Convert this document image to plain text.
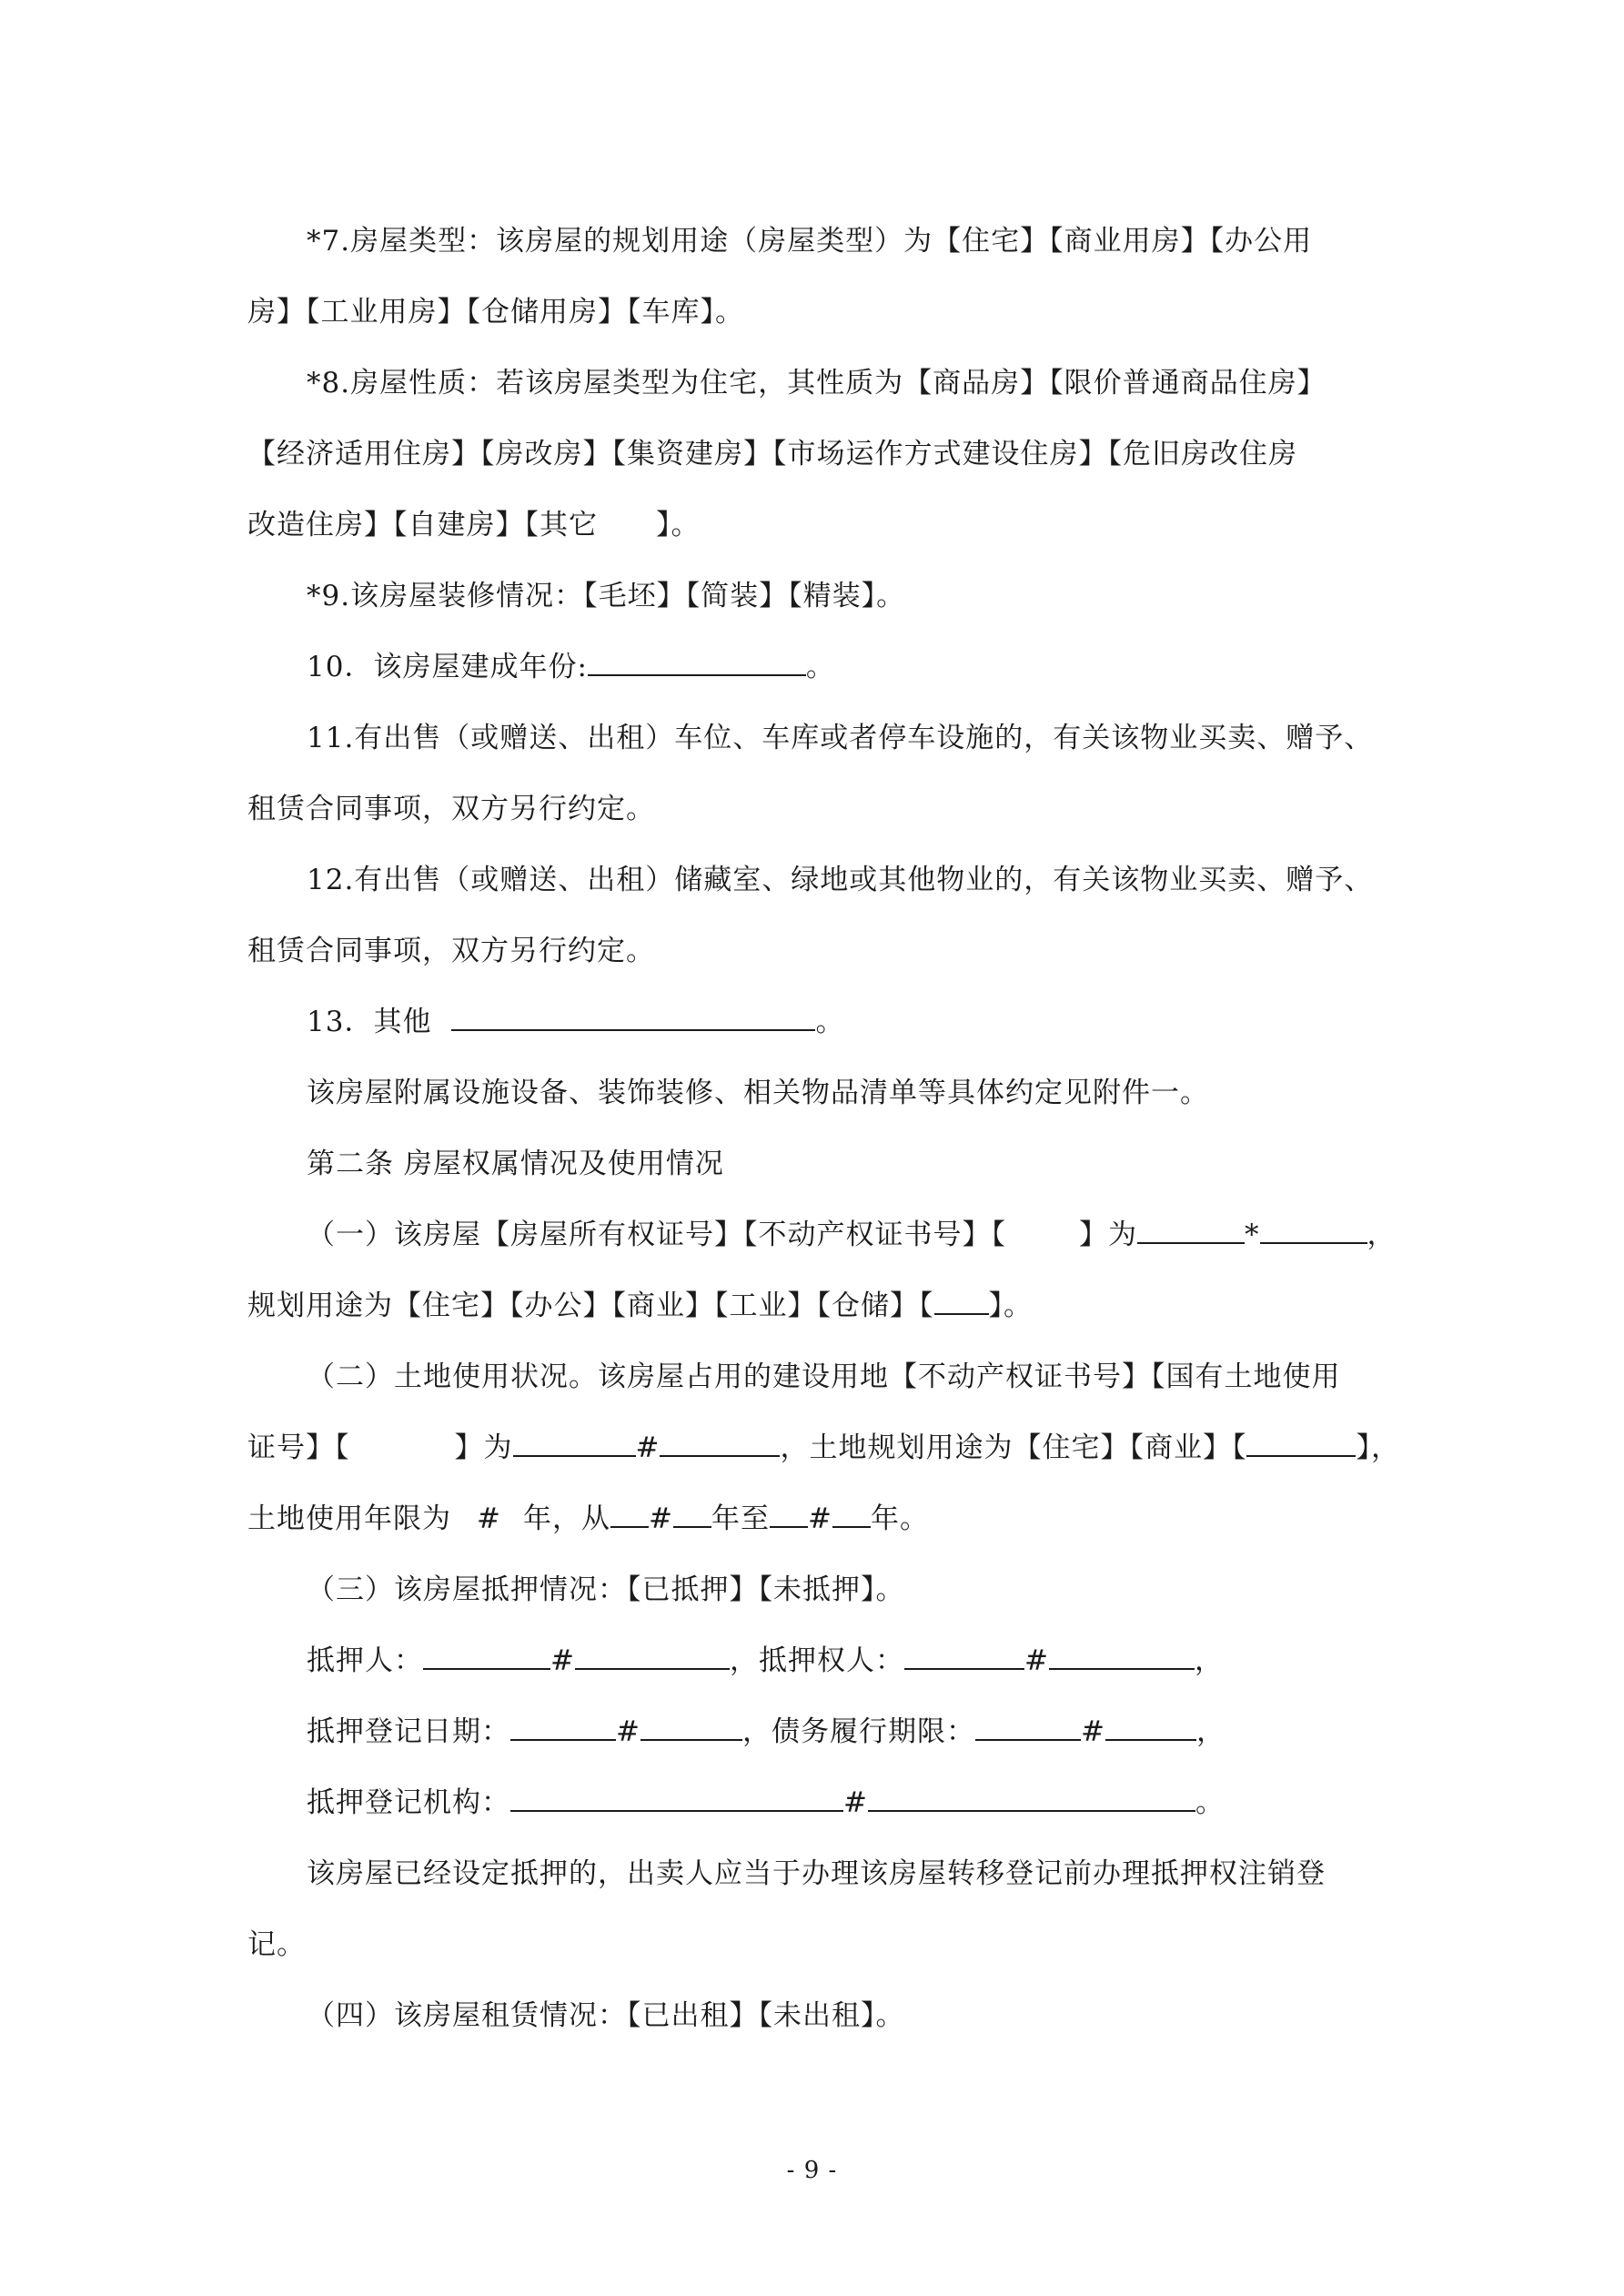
*7.房屋类型：该房屋的规划用途（房屋类型）为【住宅】【商业用房】【办公用
房】【工业用房】【仓储用房】【车库】。
*8.房屋性质：若该房屋类型为住宅，其性质为【商品房】【限价普通商品住房】
【经济适用住房】【房改房】【集资建房】【市场运作方式建设住房】【危旧房改住房
改造住房】【自建房】【其它　　】。
*9.该房屋装修情况：【毛坯】【简装】【精装】。
10．该房屋建成年份:	。
11.有出售（或赠送、出租）车位、车库或者停车设施的，有关该物业买卖、赠予、
租赁合同事项，双方另行约定。
12.有出售（或赠送、出租）储藏室、绿地或其他物业的，有关该物业买卖、赠予、
租赁合同事项，双方另行约定。
13．其他	。
该房屋附属设施设备、装饰装修、相关物品清单等具体约定见附件一。
第二条 房屋权属情况及使用情况
（一）该房屋【房屋所有权证号】【不动产权证书号】【	】为	*	，
规划用途为【住宅】【办公】【商业】【工业】【仓储】【 】。
（二）土地使用状况。该房屋占用的建设用地【不动产权证书号】【国有土地使用
证号】【	】为	#	，土地规划用途为【住宅】【商业】【	】，
土地使用年限为 # 年，从 # 年至 # 年。
（三）该房屋抵押情况：【已抵押】【未抵押】。
抵押人：	#	，抵押权人：	#	，
抵押登记日期：	#	，债务履行期限：	#	，
抵押登记机构：	#	。
该房屋已经设定抵押的，出卖人应当于办理该房屋转移登记前办理抵押权注销登
记。
（四）该房屋租赁情况：【已出租】【未出租】。
- 9 -
